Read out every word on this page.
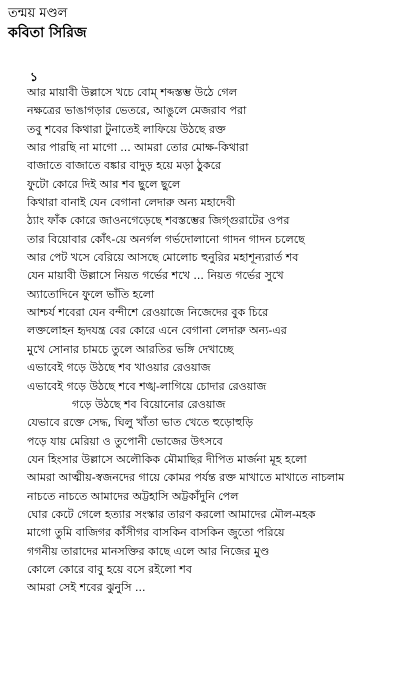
তন্ময় মণ্ডল
কবিতা সিরিজ
১
আর মায়াবী উল্লাসে খচে বোম্ শব্দস্তম্ভ উঠে গেল
নক্ষত্রের ভাঙাগড়ার ভেতরে, আঙুলে মেজরাব পরা
তবু শবের কিথারা টুনাতেই লাফিয়ে উঠছে রক্ত
আর পারছি না মাগো ... আমরা তোর মোক্ষ-কিথারা
বাজাতে বাজাতে বঙ্কার বাদুড় হয়ে মড়া ঠুকরে
ফুটো কোরে দিই আর শব ছুলে ছুলে
কিথারা বানাই যেন বেগানা লেদারু অন্য মহাদেবী
ঠ্যাং ফাঁক কোরে জাওনগেড়েছে শবস্তম্ভের জিগ্গুরাটের ওপর
তার বিয়োবার কোঁৎ-য়ে অনর্গল গর্ভদোলানো গাদন গাদন চলেছে
আর পেট খসে বেরিয়ে আসছে মোলোচ হুনুরির মহাশূন্যরার্ত শব
যেন মায়াবী উল্লাসে নিয়ত গর্ভের শখে ... নিয়ত গর্ভের সুখে
অ্যাতোদিনে ফুলে ভাঁতি হলো
আশ্চর্য শবেরা যেন বন্দীশে রেওয়াজে নিজেদের বুক চিরে
লক্তলোহন হৃদযন্ত্র বের কোরে এনে বেগানা লেদারু অন্য-এর
মুখে সোনার চামচে তুলে আরতির ভঙ্গি দেখাচ্ছে
এভাবেই গড়ে উঠছে শব খাওয়ার রেওয়াজ
এভাবেই গড়ে উঠছে শবে শঙ্খ-লাগিয়ে চোদার রেওয়াজ
গড়ে উঠছে শব বিয়োনোর রেওয়াজ
যেভাবে রক্তে সেদ্ধ, ঘিলু খাঁতা ভাত খেতে হুড়োহুড়ি
পড়ে যায় মেরিয়া ও তুপোনী ভোজের উৎসবে
যেন হিংসার উল্লাসে অলৌকিক মৌমাছির দীপিত মার্জনা মূহ হলো
আমরা আত্মীয়-স্বজনদের গায়ে কোমর পর্যন্ত রক্ত মাখাতে মাখাতে নাচলাম
নাচতে নাচতে আমাদের অট্টহাসি অট্টকাঁদুনি পেল
ঘোর কেটে গেলে হত্যার সংস্কার তারণ করলো আমাদের মৌল-মহক
মাগো তুমি বাজিগর কাঁসীগর বাসকিন বাসকিন জুতো পরিয়ে
গগনীয় তারাদের মানসক্তির কাছে এলে আর নিজের মুণ্ড
কোলে কোরে বাবু হয়ে বসে রইলো শব
আমরা সেই শবের ঝুনুসি ...
